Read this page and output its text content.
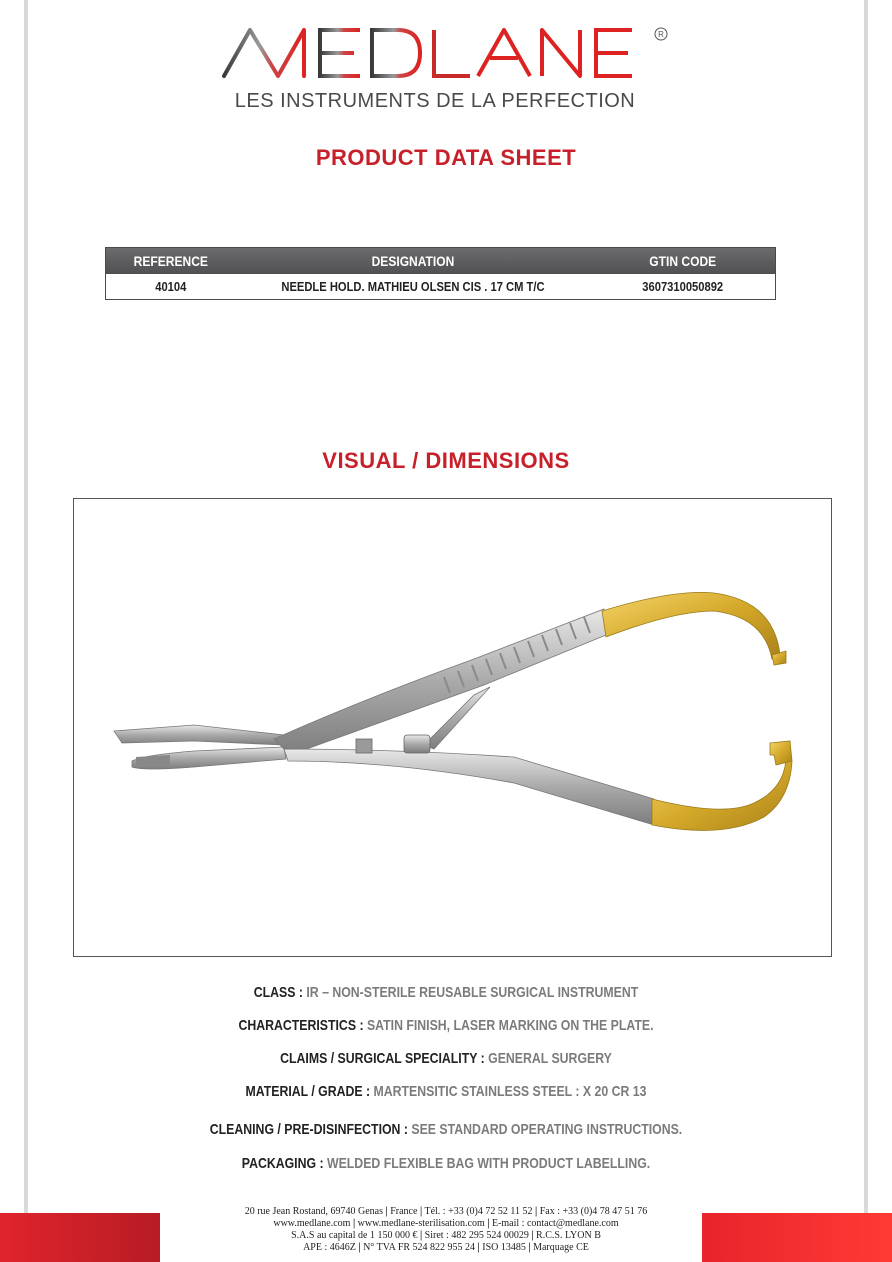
R
LES INSTRUMENTS DE LA PERFECTION
PRODUCT DATA SHEET
REFERENCE	DESIGNATION	GTIN CODE
40104	NEEDLE HOLD. MATHIEU OLSEN CIS . 17 CM T/C	3607310050892
VISUAL / DIMENSIONS
CLASS : IR – NON-STERILE REUSABLE SURGICAL INSTRUMENT
CHARACTERISTICS : SATIN FINISH, LASER MARKING ON THE PLATE.
CLAIMS / SURGICAL SPECIALITY : GENERAL SURGERY
MATERIAL / GRADE : MARTENSITIC STAINLESS STEEL : X 20 CR 13
CLEANING / PRE-DISINFECTION : SEE STANDARD OPERATING INSTRUCTIONS.
PACKAGING : WELDED FLEXIBLE BAG WITH PRODUCT LABELLING.
20 rue Jean Rostand, 69740 Genas | France | Tél. : +33 (0)4 72 52 11 52 | Fax : +33 (0)4 78 47 51 76
www.medlane.com | www.medlane-sterilisation.com | E-mail : contact@medlane.com
S.A.S au capital de 1 150 000 € | Siret : 482 295 524 00029 | R.C.S. LYON B
APE : 4646Z | N° TVA FR 524 822 955 24 | ISO 13485 | Marquage CE
